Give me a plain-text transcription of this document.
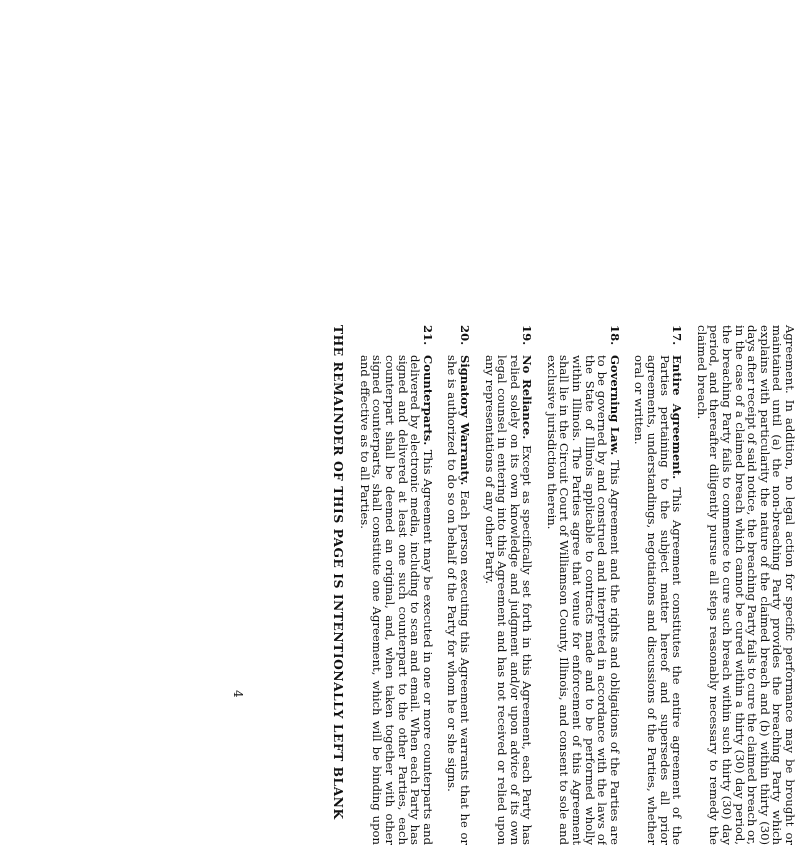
Agreement. In addition, no legal action for specific performance may be brought or maintained until (a) the non-breaching Party provides the breaching Party which explains with particularity the nature of the claimed breach and (b) within thirty (30) days after receipt of said notice, the breaching Party fails to cure the claimed breach or, in the case of a claimed breach which cannot be cured within a thirty (30) day period, the breaching Party fails to commence to cure such breach within such thirty (30) day period, and thereafter diligently pursue all steps reasonably necessary to remedy the claimed breach.

17.
Entire Agreement. This Agreement constitutes the entire agreement of the Parties pertaining to the subject matter hereof and supersedes all prior agreements, understandings, negotiations and discussions of the Parties, whether oral or written.
18.
Governing Law. This Agreement and the rights and obligations of the Parties are to be governed by and construed and interpreted in accordance with the laws of the State of Illinois applicable to contracts made and to be performed wholly within Illinois. The Parties agree that venue for enforcement of this Agreement shall lie in the Circuit Court of Williamson County, Illinois, and consent to sole and exclusive jurisdiction therein.
19.
No Reliance. Except as specifically set forth in this Agreement, each Party has relied solely on its own knowledge and judgment and/or upon advice of its own legal counsel in entering into this Agreement and has not received or relied upon any representations of any other Party.
20.
Signatory Warranty. Each person executing this Agreement warrants that he or she is authorized to do so on behalf of the Party for whom he or she signs.
21.
Counterparts. This Agreement may be executed in one or more counterparts and delivered by electronic media, including to scan and email. When each Party has signed and delivered at least one such counterpart to the other Parties, each counterpart shall be deemed an original, and, when taken together with other signed counterparts, shall constitute one Agreement, which will be binding upon and effective as to all Parties.
THE REMAINDER OF THIS PAGE IS INTENTIONALLY LEFT BLANK
4
